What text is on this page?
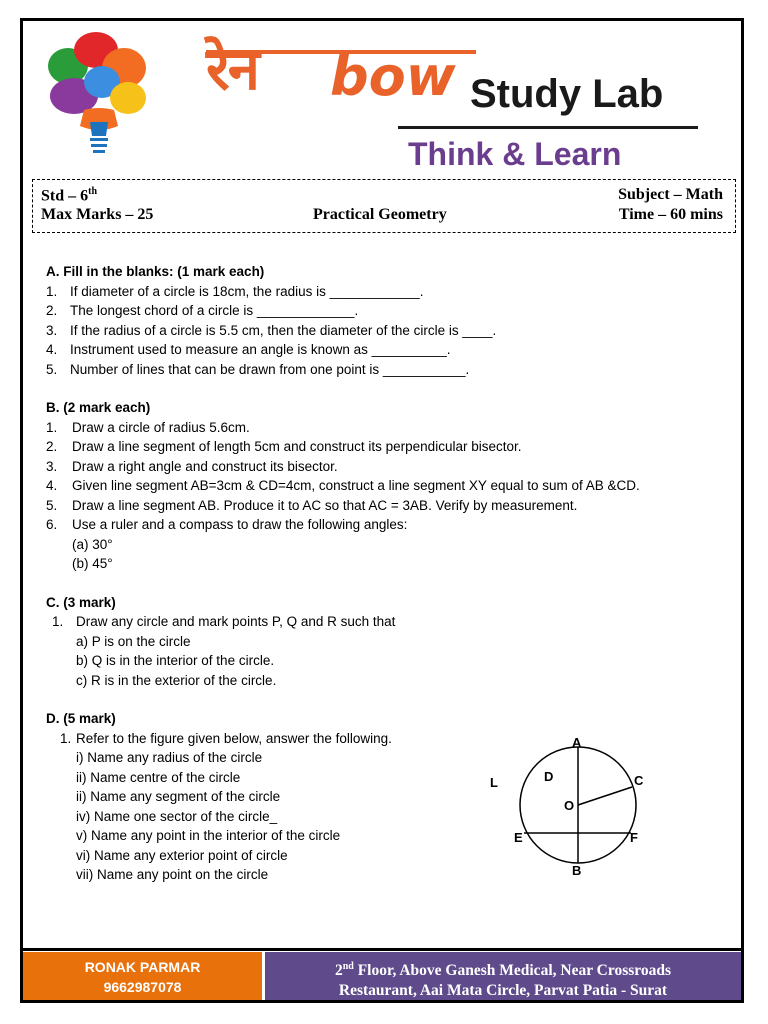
रेन bow Study Lab
Think & Learn
Std – 6th	Subject – Math
Max Marks – 25	Practical Geometry	Time – 60 mins
A. Fill in the blanks: (1 mark each)
1. If diameter of a circle is 18cm, the radius is ____________.
2. The longest chord of a circle is _____________.
3. If the radius of a circle is 5.5 cm, then the diameter of the circle is ____.
4. Instrument used to measure an angle is known as __________.
5. Number of lines that can be drawn from one point is ___________.
B. (2 mark each)
1. Draw a circle of radius 5.6cm.
2. Draw a line segment of length 5cm and construct its perpendicular bisector.
3. Draw a right angle and construct its bisector.
4. Given line segment AB=3cm & CD=4cm, construct a line segment XY equal to sum of AB &CD.
5. Draw a line segment AB. Produce it to AC so that AC = 3AB. Verify by measurement.
6. Use a ruler and a compass to draw the following angles:
(a) 30°
(b) 45°
C. (3 mark)
1. Draw any circle and mark points P, Q and R such that
a) P is on the circle
b) Q is in the interior of the circle.
c) R is in the exterior of the circle.
D. (5 mark)
1. Refer to the figure given below, answer the following.
i) Name any radius of the circle
ii) Name centre of the circle
ii) Name any segment of the circle
iv) Name one sector of the circle_
v) Name any point in the interior of the circle
vi) Name any exterior point of circle
vii) Name any point on the circle
A
B
C
D
E	F
O
L
RONAK PARMAR
9662987078
2nd Floor, Above Ganesh Medical, Near Crossroads
Restaurant, Aai Mata Circle, Parvat Patia - Surat
